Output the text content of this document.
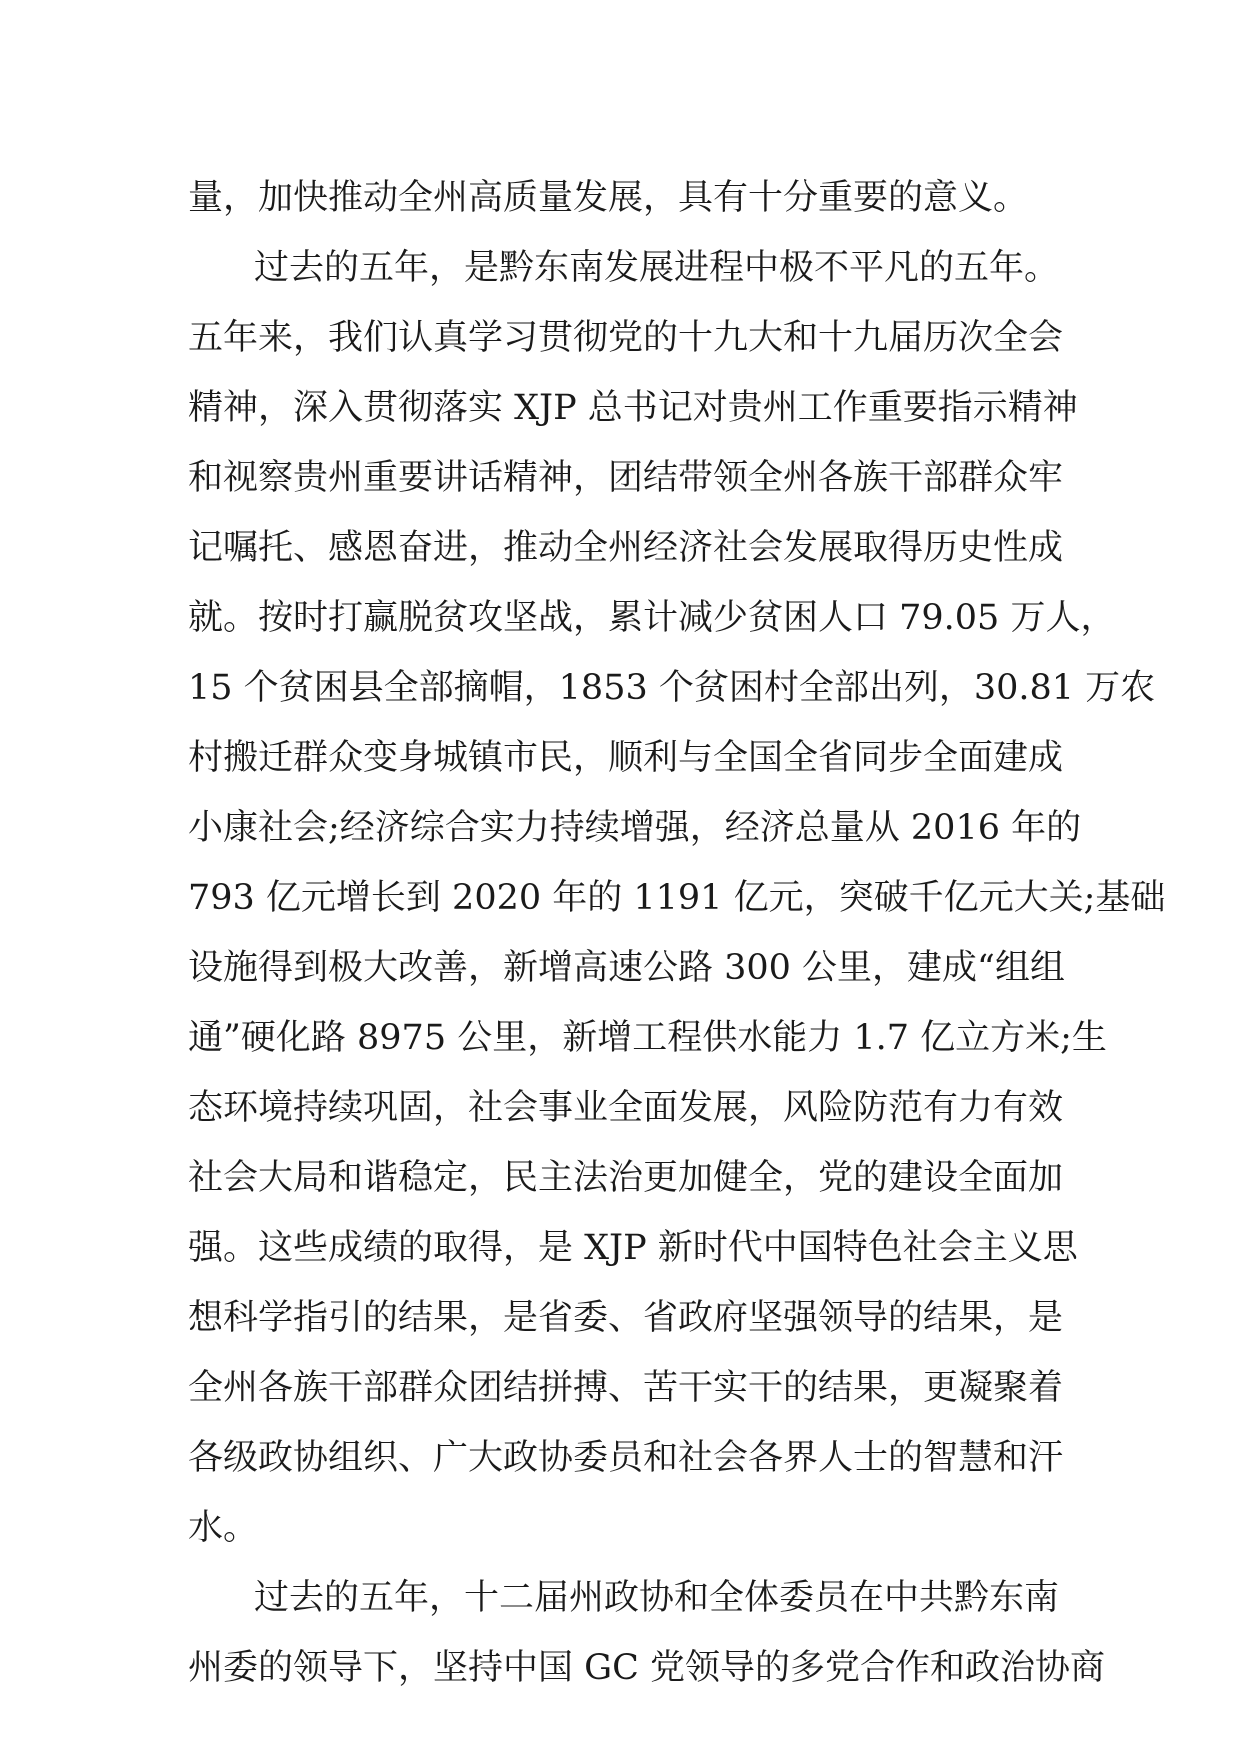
量，加快推动全州高质量发展，具有十分重要的意义。
过去的五年，是黔东南发展进程中极不平凡的五年。
五年来，我们认真学习贯彻党的十九大和十九届历次全会
精神，深入贯彻落实 XJP 总书记对贵州工作重要指示精神
和视察贵州重要讲话精神，团结带领全州各族干部群众牢
记嘱托、感恩奋进，推动全州经济社会发展取得历史性成
就。按时打赢脱贫攻坚战，累计减少贫困人口 79.05 万人，
15 个贫困县全部摘帽，1853 个贫困村全部出列，30.81 万农
村搬迁群众变身城镇市民，顺利与全国全省同步全面建成
小康社会;经济综合实力持续增强，经济总量从 2016 年的
793 亿元增长到 2020 年的 1191 亿元，突破千亿元大关;基础
设施得到极大改善，新增高速公路 300 公里，建成“组组
通”硬化路 8975 公里，新增工程供水能力 1.7 亿立方米;生
态环境持续巩固，社会事业全面发展，风险防范有力有效
社会大局和谐稳定，民主法治更加健全，党的建设全面加
强。这些成绩的取得，是 XJP 新时代中国特色社会主义思
想科学指引的结果，是省委、省政府坚强领导的结果，是
全州各族干部群众团结拼搏、苦干实干的结果，更凝聚着
各级政协组织、广大政协委员和社会各界人士的智慧和汗
水。
过去的五年，十二届州政协和全体委员在中共黔东南
州委的领导下，坚持中国 GC 党领导的多党合作和政治协商
